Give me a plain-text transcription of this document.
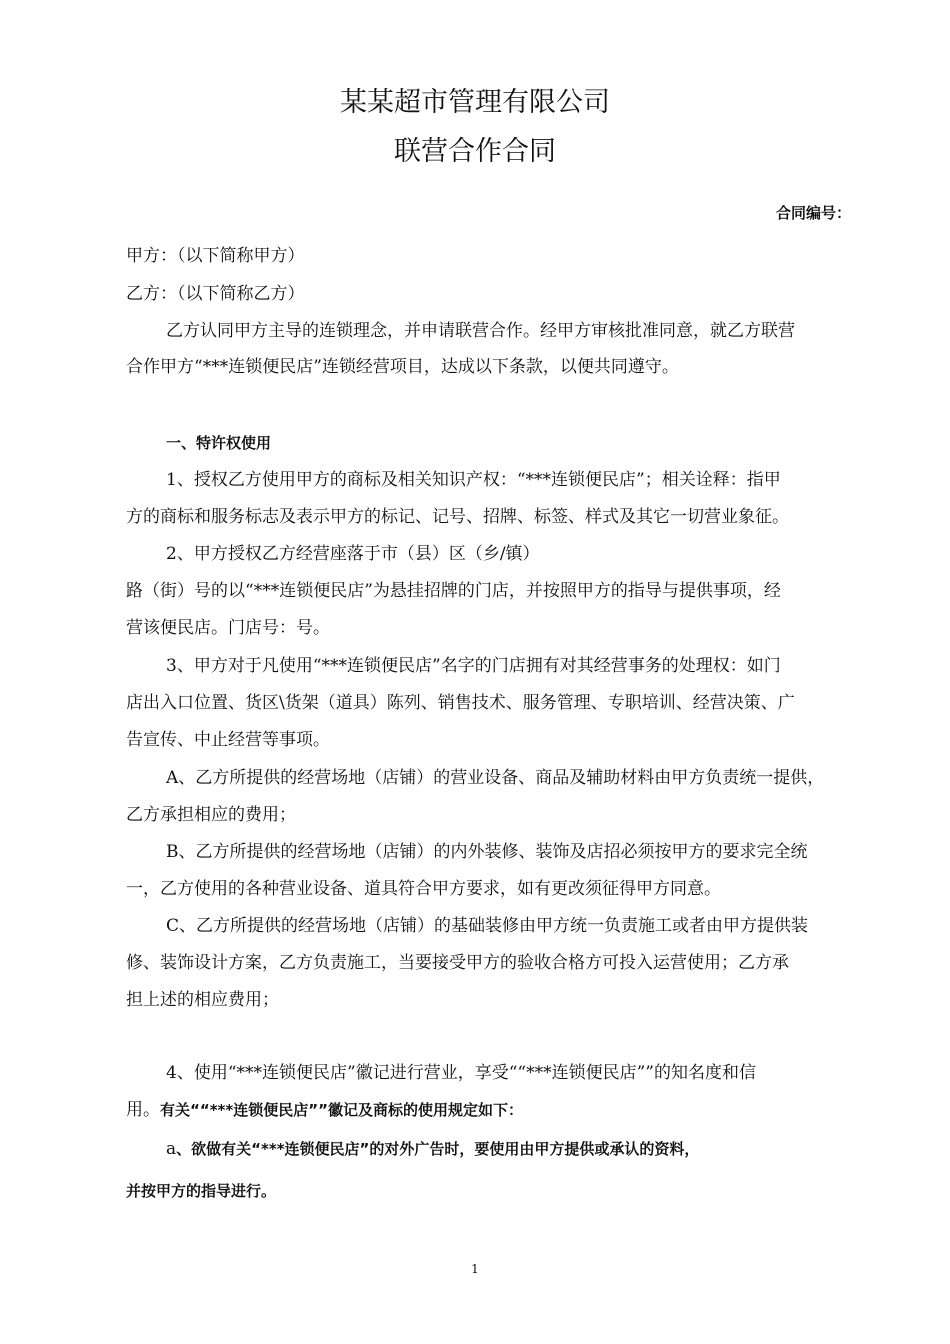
某某超市管理有限公司
联营合作合同
合同编号：
甲方：（以下简称甲方）
乙方：（以下简称乙方）
乙方认同甲方主导的连锁理念，并申请联营合作。经甲方审核批准同意，就乙方联营
合作甲方“***连锁便民店”连锁经营项目，达成以下条款，以便共同遵守。
一、特许权使用
1、授权乙方使用甲方的商标及相关知识产权：“***连锁便民店”；相关诠释：指甲
方的商标和服务标志及表示甲方的标记、记号、招牌、标签、样式及其它一切营业象征。
2、甲方授权乙方经营座落于市（县）区（乡/镇）
路（街）号的以“***连锁便民店”为悬挂招牌的门店，并按照甲方的指导与提供事项，经
营该便民店。门店号：号。
3、甲方对于凡使用“***连锁便民店”名字的门店拥有对其经营事务的处理权：如门
店出入口位置、货区\货架（道具）陈列、销售技术、服务管理、专职培训、经营决策、广
告宣传、中止经营等事项。
A、乙方所提供的经营场地（店铺）的营业设备、商品及辅助材料由甲方负责统一提供，
乙方承担相应的费用；
B、乙方所提供的经营场地（店铺）的内外装修、装饰及店招必须按甲方的要求完全统
一，乙方使用的各种营业设备、道具符合甲方要求，如有更改须征得甲方同意。
C、乙方所提供的经营场地（店铺）的基础装修由甲方统一负责施工或者由甲方提供装
修、装饰设计方案，乙方负责施工，当要接受甲方的验收合格方可投入运营使用；乙方承
担上述的相应费用；
4、使用“***连锁便民店”徽记进行营业，享受““***连锁便民店””的知名度和信
用。有关““***连锁便民店””徽记及商标的使用规定如下：
a、欲做有关“***连锁便民店”的对外广告时，要使用由甲方提供或承认的资料，
并按甲方的指导进行。
1
